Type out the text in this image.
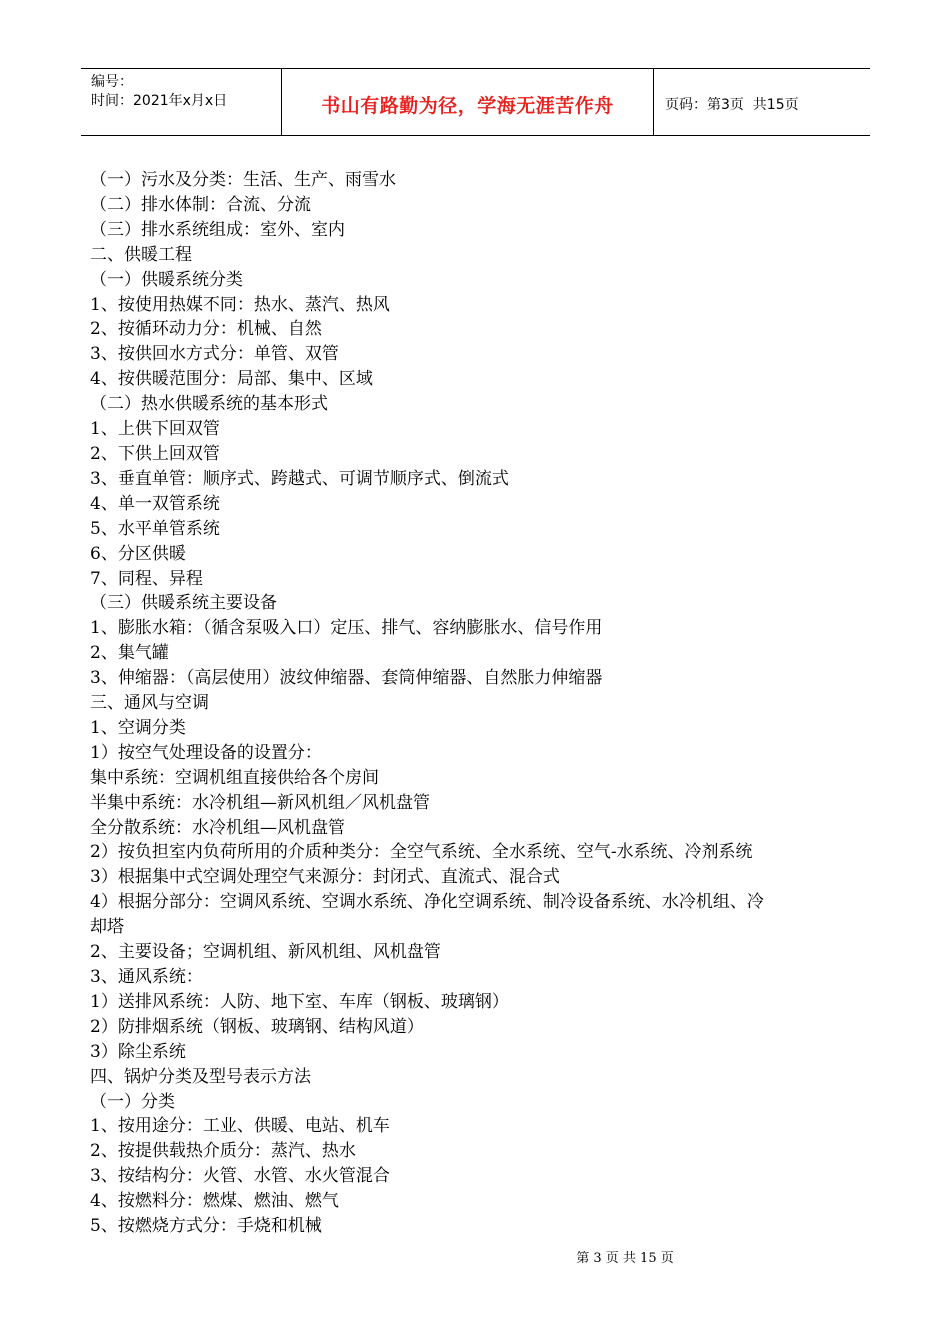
编号：
时间：2021年x月x日	书山有路勤为径，学海无涯苦作舟	页码：第3页  共15页
（一）污水及分类：生活、生产、雨雪水
（二）排水体制：合流、分流
（三）排水系统组成：室外、室内
二、供暖工程
（一）供暖系统分类
1、按使用热媒不同：热水、蒸汽、热风
2、按循环动力分：机械、自然
3、按供回水方式分：单管、双管
4、按供暖范围分：局部、集中、区域
（二）热水供暖系统的基本形式
1、上供下回双管
2、下供上回双管
3、垂直单管：顺序式、跨越式、可调节顺序式、倒流式
4、单一双管系统
5、水平单管系统
6、分区供暖
7、同程、异程
（三）供暖系统主要设备
1、膨胀水箱：（循含泵吸入口）定压、排气、容纳膨胀水、信号作用
2、集气罐
3、伸缩器：（高层使用）波纹伸缩器、套筒伸缩器、自然胀力伸缩器
三、通风与空调
1、空调分类
1）按空气处理设备的设置分：
集中系统：空调机组直接供给各个房间
半集中系统：水冷机组—新风机组／风机盘管
全分散系统：水冷机组—风机盘管
2）按负担室内负荷所用的介质种类分：全空气系统、全水系统、空气-水系统、冷剂系统
3）根据集中式空调处理空气来源分：封闭式、直流式、混合式
4）根据分部分：空调风系统、空调水系统、净化空调系统、制冷设备系统、水冷机组、冷
却塔
2、主要设备；空调机组、新风机组、风机盘管
3、通风系统：
1）送排风系统：人防、地下室、车库（钢板、玻璃钢）
2）防排烟系统（钢板、玻璃钢、结构风道）
3）除尘系统
四、锅炉分类及型号表示方法
（一）分类
1、按用途分：工业、供暖、电站、机车
2、按提供载热介质分：蒸汽、热水
3、按结构分：火管、水管、水火管混合
4、按燃料分：燃煤、燃油、燃气
5、按燃烧方式分：手烧和机械
第 3 页 共 15 页
